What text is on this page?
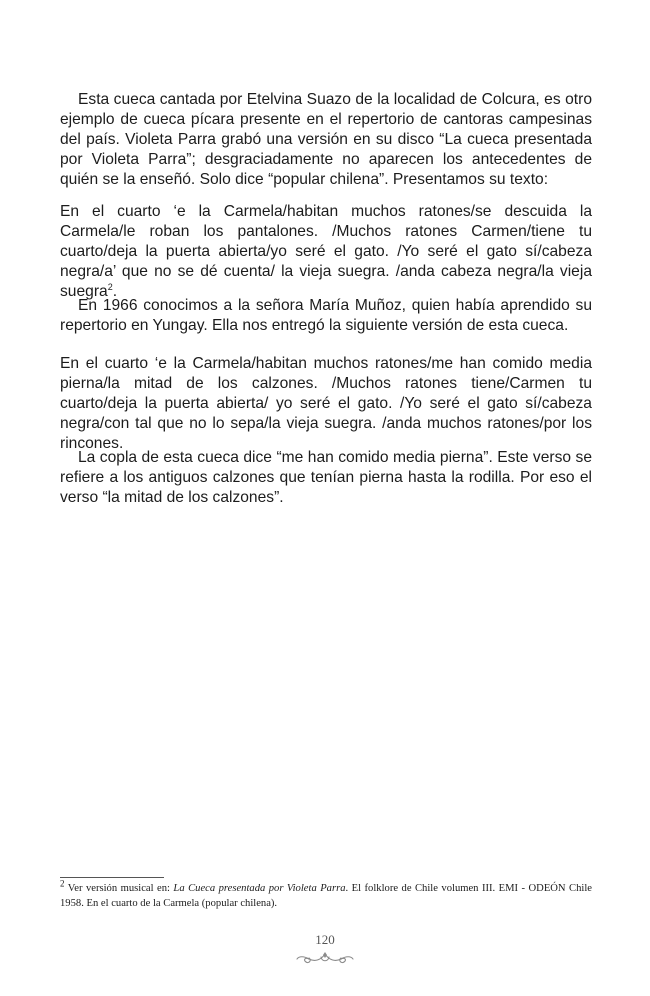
Esta cueca cantada por Etelvina Suazo de la localidad de Colcura, es otro ejemplo de cueca pícara presente en el repertorio de cantoras campesinas del país. Violeta Parra grabó una versión en su disco “La cueca presentada por Violeta Parra”; desgraciadamente no aparecen los antecedentes de quién se la enseñó. Solo dice “popular chilena”. Presentamos su texto:

En el cuarto ‘e la Carmela/habitan muchos ratones/se descuida la Carmela/le roban los pantalones. /Muchos ratones Carmen/tiene tu cuarto/deja la puerta abierta/yo seré el gato. /Yo seré el gato sí/cabeza negra/a’ que no se dé cuenta/ la vieja suegra. /anda cabeza negra/la vieja suegra$^2$.

En 1966 conocimos a la señora María Muñoz, quien había aprendido su repertorio en Yungay. Ella nos entregó la siguiente versión de esta cueca.

En el cuarto ‘e la Carmela/habitan muchos ratones/me han comido media pierna/la mitad de los calzones. /Muchos ratones tiene/Carmen tu cuarto/deja la puerta abierta/ yo seré el gato. /Yo seré el gato sí/cabeza negra/con tal que no lo sepa/la vieja suegra. /anda muchos ratones/por los rincones.

La copla de esta cueca dice “me han comido media pierna”. Este verso se refiere a los antiguos calzones que tenían pierna hasta la rodilla. Por eso el verso “la mitad de los calzones”.

$^2$ Ver versión musical en: La Cueca presentada por Violeta Parra. El folklore de Chile volumen III. EMI - ODEÓN Chile 1958. En el cuarto de la Carmela (popular chilena).
120
